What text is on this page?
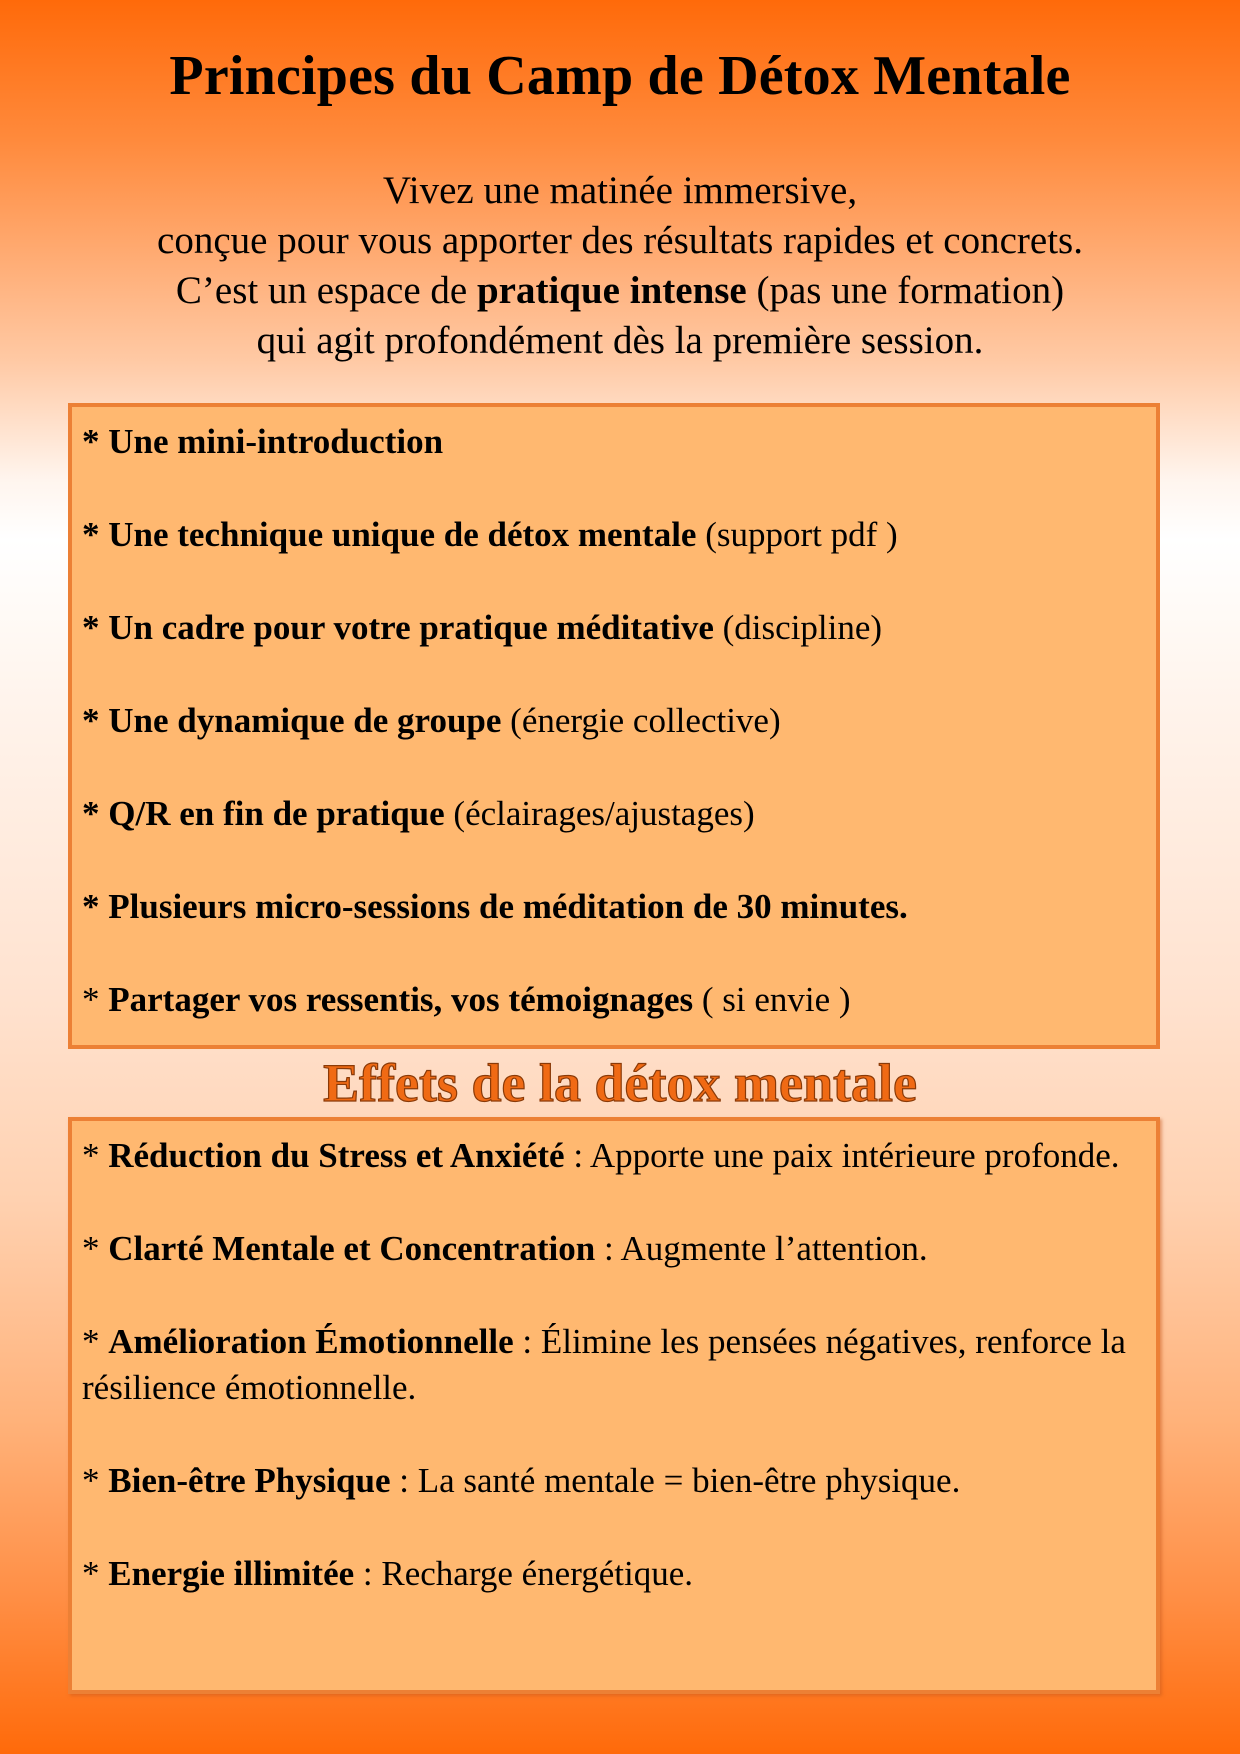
Principes du Camp de Détox Mentale
Vivez une matinée immersive,
conçue pour vous apporter des résultats rapides et concrets.
C’est un espace de pratique intense (pas une formation)
qui agit profondément dès la première session.

* Une mini-introduction

* Une technique unique de détox mentale (support pdf )

* Un cadre pour votre pratique méditative (discipline)

* Une dynamique de groupe (énergie collective)

* Q/R en fin de pratique (éclairages/ajustages)

* Plusieurs micro-sessions de méditation de 30 minutes.

* Partager vos ressentis, vos témoignages ( si envie )

Effets de la détox mentale

* Réduction du Stress et Anxiété : Apporte une paix intérieure profonde.

* Clarté Mentale et Concentration : Augmente l’attention.

* Amélioration Émotionnelle : Élimine les pensées négatives, renforce la résilience émotionnelle.

* Bien-être Physique : La santé mentale = bien-être physique.

* Energie illimitée : Recharge énergétique.
